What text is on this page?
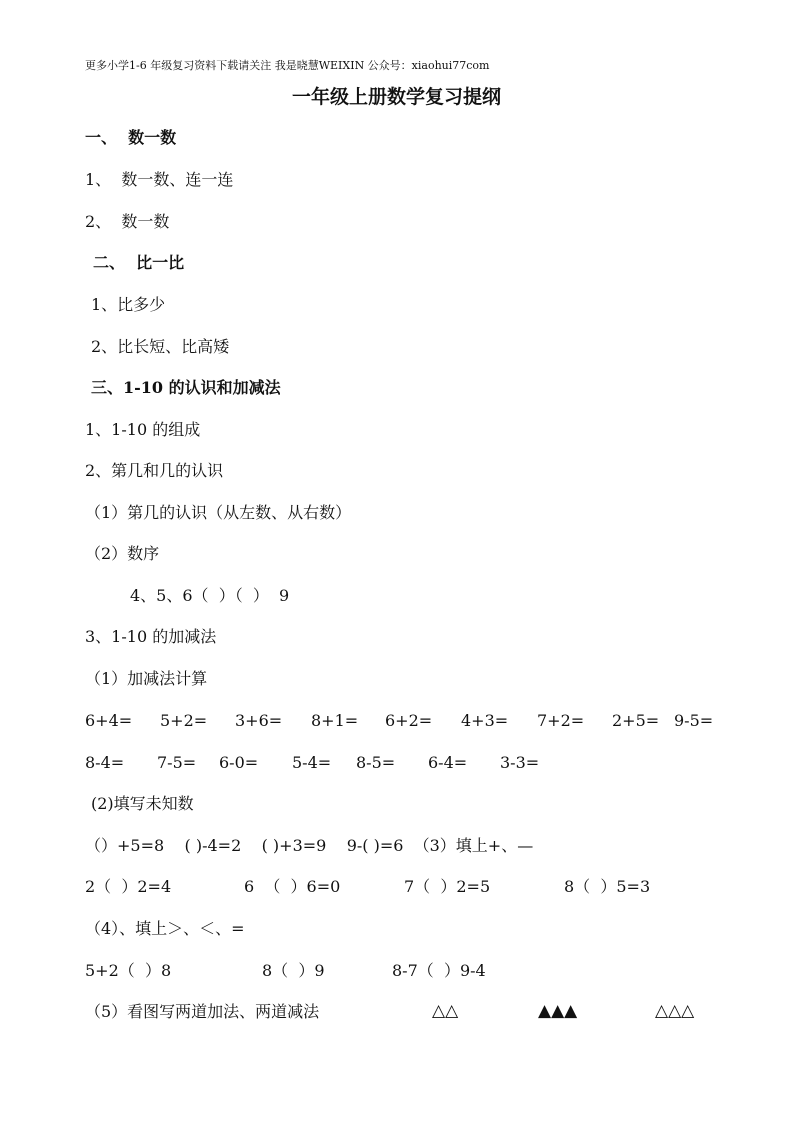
更多小学1-6 年级复习资料下载请关注 我是晓慧WEIXIN 公众号：xiaohui77com
一年级上册数学复习提纲
一、  数一数
1、  数一数、连一连
2、  数一数
二、  比一比
1、比多少
2、比长短、比高矮
三、1-10 的认识和加减法
1、1-10 的组成
2、第几和几的认识
（1）第几的认识（从左数、从右数）
（2）数序
4、5、6（  ）（  ）  9
3、1-10 的加减法
（1）加减法计算
6+4= 5+2= 3+6= 8+1= 6+2= 4+3= 7+2= 2+5= 9-5=
8-4= 7-5= 6-0= 5-4= 8-5= 6-4= 3-3=
(2)填写未知数
（）+5=8    ( )-4=2    ( )+3=9    9-( )=6  （3）填上+、—
2（  ）2=4	6  （  ）6=0	7（  ）2=5	8（  ）5=3
（4）、填上＞、＜、=
5+2（  ）8	8（  ）9	8-7（  ）9-4
（5）看图写两道加法、两道减法	△△	▲▲▲	△△△
